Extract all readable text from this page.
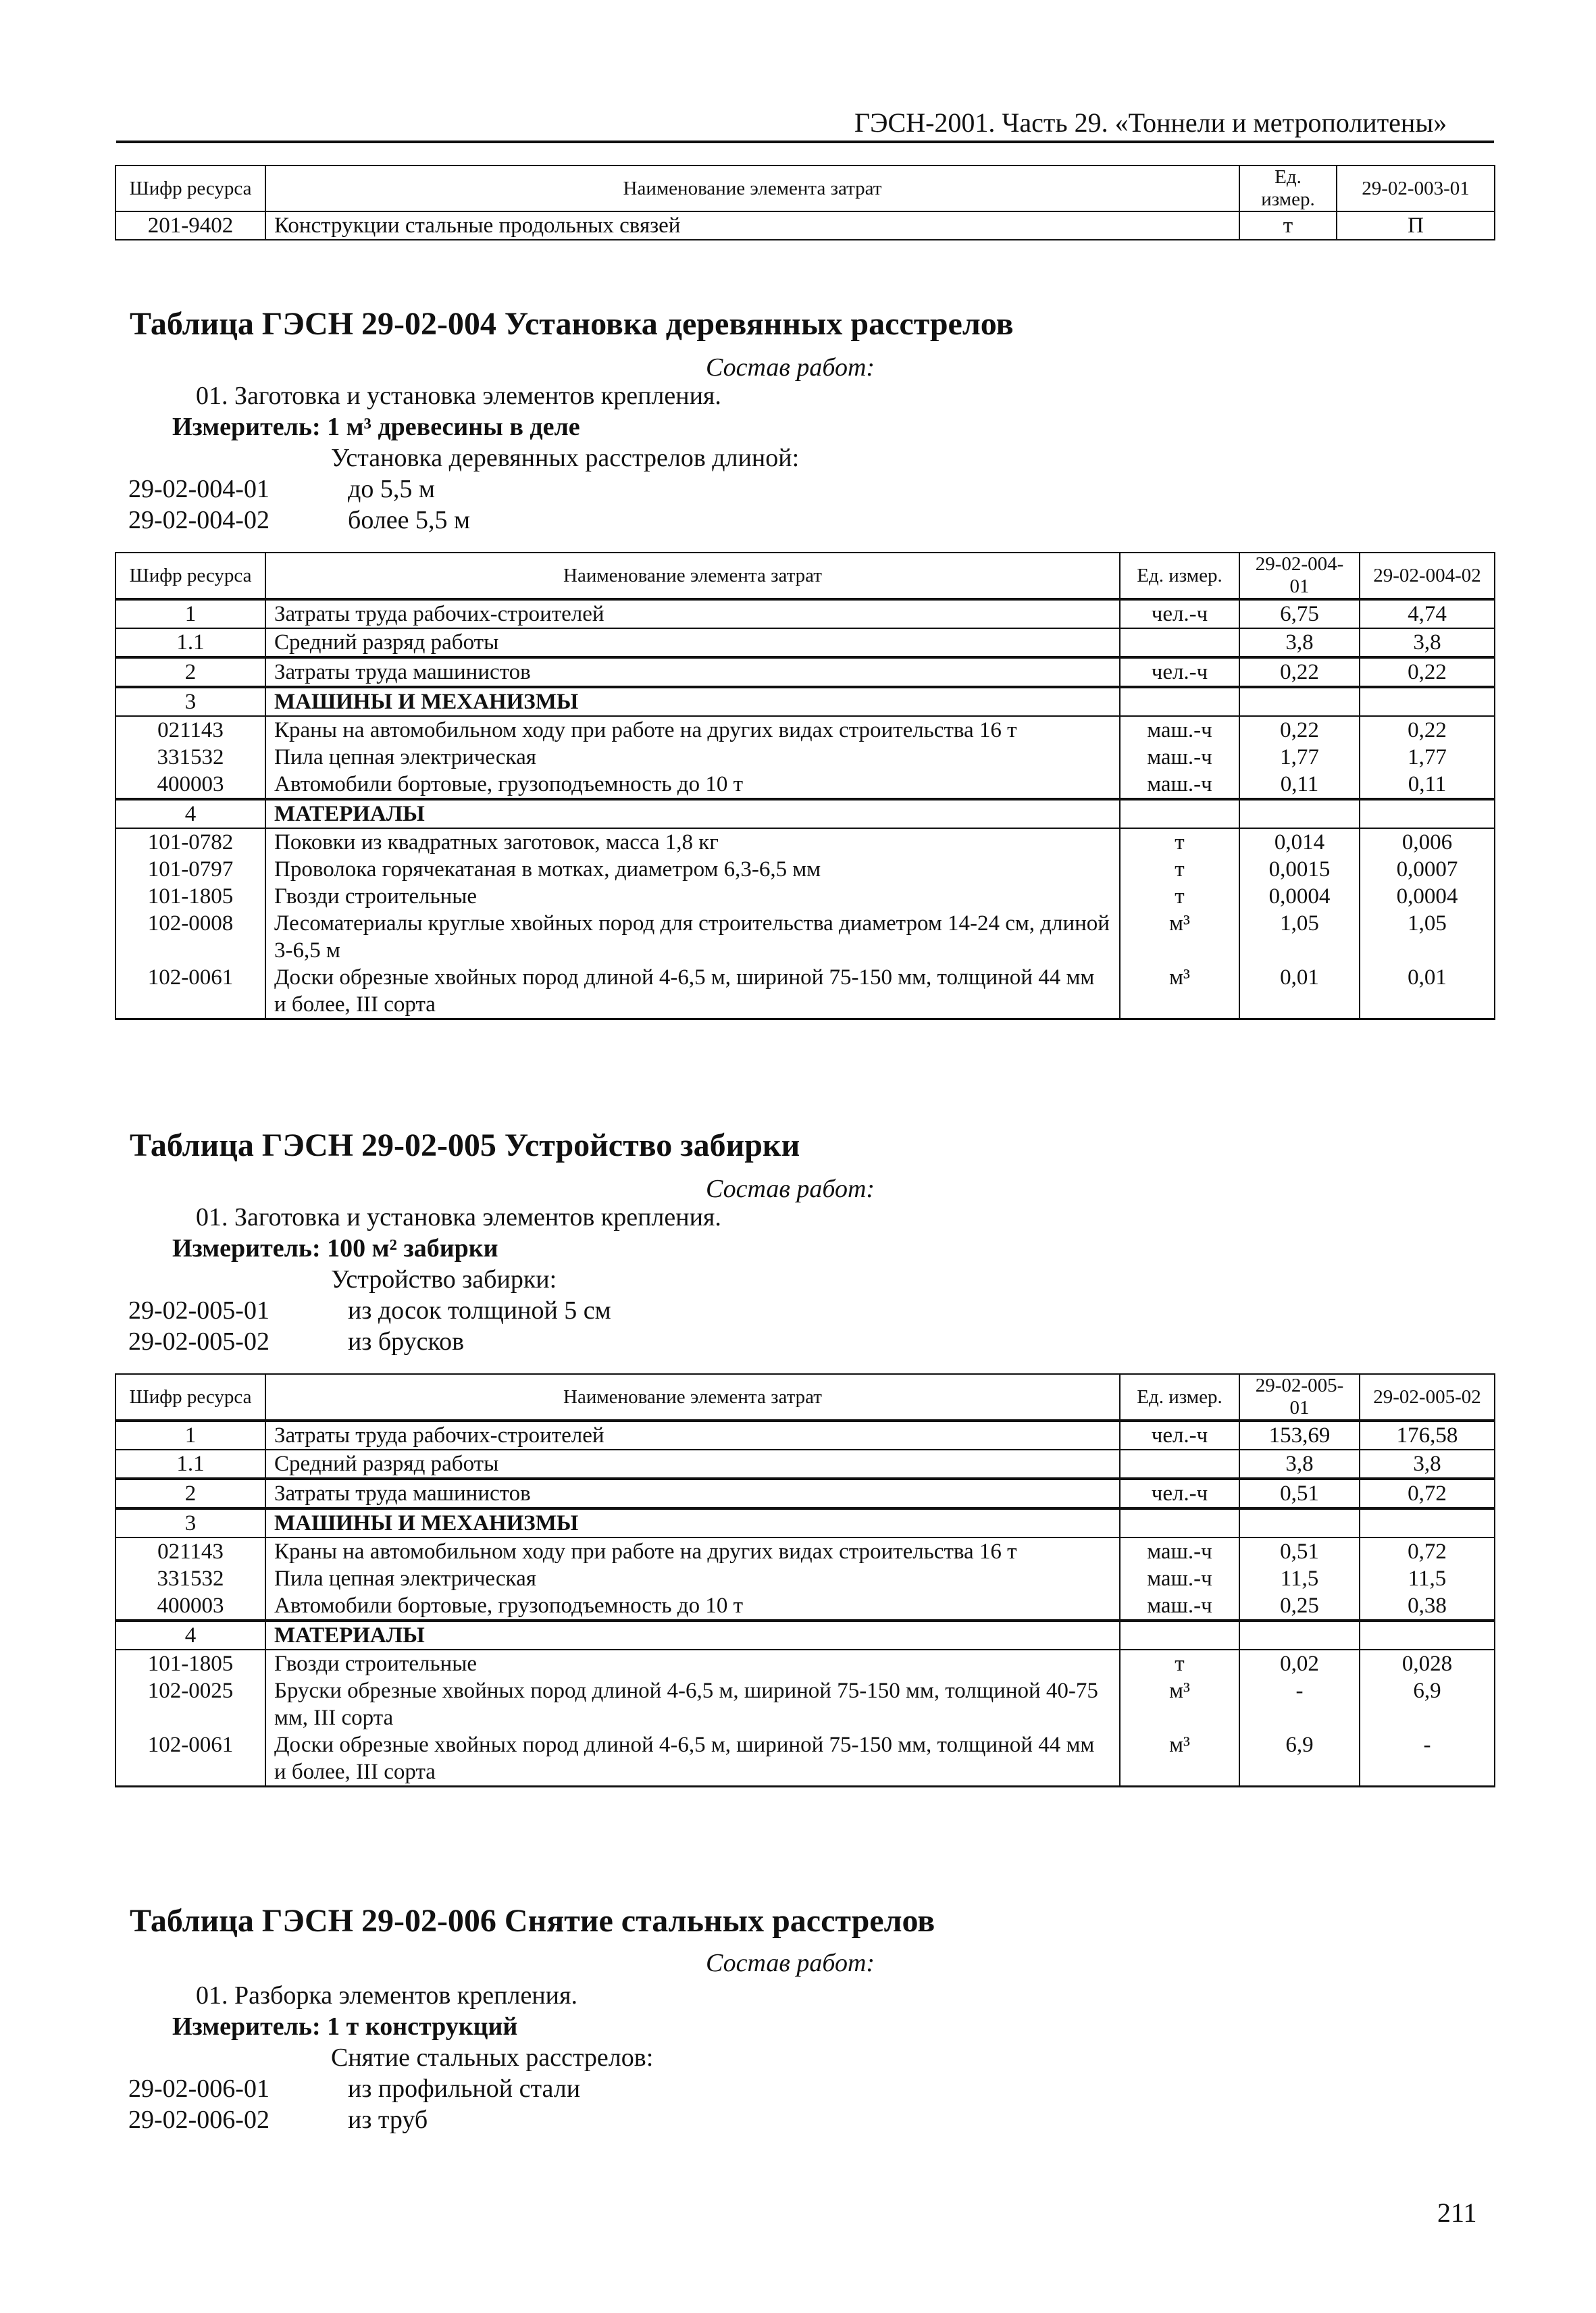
ГЭСН-2001. Часть 29. «Тоннели и метрополитены»
Шифр ресурса	Наименование элемента затрат	Ед. измер.	29-02-003-01
201-9402	Конструкции стальные продольных связей	т	П
Таблица ГЭСН 29-02-004 Установка деревянных расстрелов
Состав работ:
01. Заготовка и установка элементов крепления.
Измеритель: 1 м³ древесины в деле
Установка деревянных расстрелов длиной:
29-02-004-01	до 5,5 м
29-02-004-02	более 5,5 м
Шифр ресурса	Наименование элемента затрат	Ед. измер.	29-02-004-01	29-02-004-02
1	Затраты труда рабочих-строителей	чел.-ч	6,75	4,74
1.1	Средний разряд работы		3,8	3,8
2	Затраты труда машинистов	чел.-ч	0,22	0,22
3	МАШИНЫ И МЕХАНИЗМЫ			
021143	Краны на автомобильном ходу при работе на других видах строительства 16 т	маш.-ч	0,22	0,22
331532	Пила цепная электрическая	маш.-ч	1,77	1,77
400003	Автомобили бортовые, грузоподъемность до 10 т	маш.-ч	0,11	0,11
4	МАТЕРИАЛЫ			
101-0782	Поковки из квадратных заготовок, масса 1,8 кг	т	0,014	0,006
101-0797	Проволока горячекатаная в мотках, диаметром 6,3-6,5 мм	т	0,0015	0,0007
101-1805	Гвозди строительные	т	0,0004	0,0004
102-0008	Лесоматериалы круглые хвойных пород для строительства диаметром 14-24 см, длиной 3-6,5 м	м³	1,05	1,05
102-0061	Доски обрезные хвойных пород длиной 4-6,5 м, шириной 75-150 мм, толщиной 44 мм и более, III сорта	м³	0,01	0,01
Таблица ГЭСН 29-02-005 Устройство забирки
Состав работ:
01. Заготовка и установка элементов крепления.
Измеритель: 100 м² забирки
Устройство забирки:
29-02-005-01	из досок толщиной 5 см
29-02-005-02	из брусков
Шифр ресурса	Наименование элемента затрат	Ед. измер.	29-02-005-01	29-02-005-02
1	Затраты труда рабочих-строителей	чел.-ч	153,69	176,58
1.1	Средний разряд работы		3,8	3,8
2	Затраты труда машинистов	чел.-ч	0,51	0,72
3	МАШИНЫ И МЕХАНИЗМЫ			
021143	Краны на автомобильном ходу при работе на других видах строительства 16 т	маш.-ч	0,51	0,72
331532	Пила цепная электрическая	маш.-ч	11,5	11,5
400003	Автомобили бортовые, грузоподъемность до 10 т	маш.-ч	0,25	0,38
4	МАТЕРИАЛЫ			
101-1805	Гвозди строительные	т	0,02	0,028
102-0025	Бруски обрезные хвойных пород длиной 4-6,5 м, шириной 75-150 мм, толщиной 40-75 мм, III сорта	м³	-	6,9
102-0061	Доски обрезные хвойных пород длиной 4-6,5 м, шириной 75-150 мм, толщиной 44 мм и более, III сорта	м³	6,9	-
Таблица ГЭСН 29-02-006 Снятие стальных расстрелов
Состав работ:
01. Разборка элементов крепления.
Измеритель: 1 т конструкций
Снятие стальных расстрелов:
29-02-006-01	из профильной стали
29-02-006-02	из труб
211
